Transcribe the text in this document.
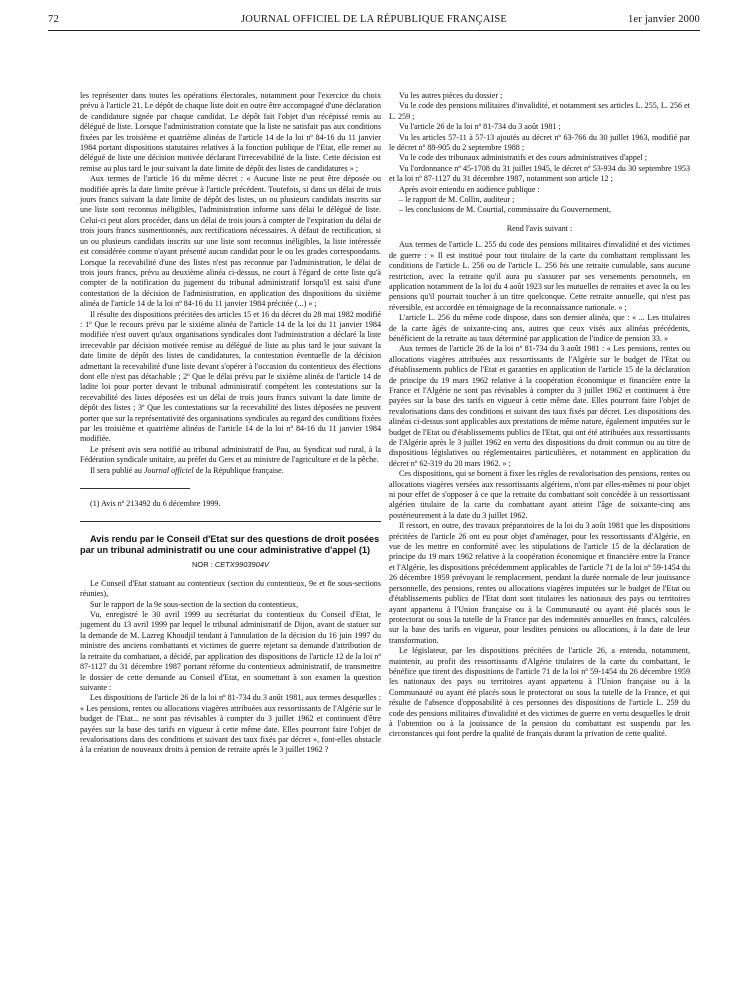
72	JOURNAL OFFICIEL DE LA RÉPUBLIQUE FRANÇAISE	1er janvier 2000

les représenter dans toutes les opérations électorales, notamment pour l'exercice du choix prévu à l'article 21. Le dépôt de chaque liste doit en outre être accompagné d'une déclaration de candidature signée par chaque candidat. Le dépôt fait l'objet d'un récépissé remis au délégué de liste. Lorsque l'administration constate que la liste ne satisfait pas aux conditions fixées par les troisième et quatrième alinéas de l'article 14 de la loi nº 84-16 du 11 janvier 1984 portant dispositions statutaires relatives à la fonction publique de l'Etat, elle remet au délégué de liste une décision motivée déclarant l'irrecevabilité de la liste. Cette décision est remise au plus tard le jour suivant la date limite de dépôt des listes de candidatures » ;

Aux termes de l'article 16 du même décret : « Aucune liste ne peut être déposée ou modifiée après la date limite prévue à l'article précédent. Toutefois, si dans un délai de trois jours francs suivant la date limite de dépôt des listes, un ou plusieurs candidats inscrits sur une liste sont reconnus inéligibles, l'administration informe sans délai le délégué de liste. Celui-ci peut alors procéder, dans un délai de trois jours à compter de l'expiration du délai de trois jours francs susmentionnés, aux rectifications nécessaires. A défaut de rectification, si un ou plusieurs candidats inscrits sur une liste sont reconnus inéligibles, la liste intéressée est considérée comme n'ayant présenté aucun candidat pour le ou les grades correspondants. Lorsque la recevabilité d'une des listes n'est pas reconnue par l'administration, le délai de trois jours francs, prévu au deuxième alinéa ci-dessus, ne court à l'égard de cette liste qu'à compter de la notification du jugement du tribunal administratif lorsqu'il est saisi d'une contestation de la décision de l'administration, en application des dispositions du sixième alinéa de l'article 14 de la loi nº 84-16 du 11 janvier 1984 précitée (...) » ;

Il résulte des dispositions précitées des articles 15 et 16 du décret du 28 mai 1982 modifié : 1º Que le recours prévu par le sixième alinéa de l'article 14 de la loi du 11 janvier 1984 modifiée n'est ouvert qu'aux organisations syndicales dont l'administration a déclaré la liste irrecevable par décision motivée remise au délégué de liste au plus tard le jour suivant la date limite de dépôt des listes de candidatures, la contestation éventuelle de la décision admettant la recevabilité d'une liste devant s'opérer à l'occasion du contentieux des élections dont elle n'est pas détachable ; 2º Que le délai prévu par le sixième alinéa de l'article 14 de ladite loi pour porter devant le tribunal administratif compétent les contestations sur la recevabilité des listes déposées est un délai de trois jours francs suivant la date limite de dépôt des listes ; 3º Que les contestations sur la recevabilité des listes déposées ne peuvent porter que sur la représentativité des organisations syndicales au regard des conditions fixées par les troisième et quatrième alinéas de l'article 14 de la loi nº 84-16 du 11 janvier 1984 modifiée.

Le présent avis sera notifié au tribunal administratif de Pau, au Syndicat sud rural, à la Fédération syndicale unitaire, au préfet du Gers et au ministre de l'agriculture et de la pêche.

Il sera publié au Journal officiel de la République française.

(1) Avis nº 213492 du 6 décembre 1999.

Avis rendu par le Conseil d'Etat sur des questions de droit posées par un tribunal administratif ou une cour administrative d'appel (1)

NOR : CETX9903904V

Le Conseil d'Etat statuant au contentieux (section du contentieux, 9e et 8e sous-sections réunies),

Sur le rapport de la 9e sous-section de la section du contentieux,

Vu, enregistré le 30 avril 1999 au secrétariat du contentieux du Conseil d'Etat, le jugement du 13 avril 1999 par lequel le tribunal administratif de Dijon, avant de statuer sur la demande de M. Lazreg Khoudjil tendant à l'annulation de la décision du 16 juin 1997 du ministre des anciens combattants et victimes de guerre rejetant sa demande d'attribution de la retraite du combattant, a décidé, par application des dispositions de l'article 12 de la loi nº 87-1127 du 31 décembre 1987 portant réforme du contentieux administratif, de transmettre le dossier de cette demande au Conseil d'Etat, en soumettant à son examen la question suivante :

Les dispositions de l'article 26 de la loi nº 81-734 du 3 août 1981, aux termes desquelles : « Les pensions, rentes ou allocations viagères attribuées aux ressortissants de l'Algérie sur le budget de l'Etat... ne sont pas révisables à compter du 3 juillet 1962 et continuent d'être payées sur la base des tarifs en vigueur à cette même date. Elles pourront faire l'objet de revalorisations dans des conditions et suivant des taux fixés par décret », font-elles obstacle à la création de nouveaux droits à pension de retraite après le 3 juillet 1962 ?

Vu les autres pièces du dossier ;

Vu le code des pensions militaires d'invalidité, et notamment ses articles L. 255, L. 256 et L. 259 ;

Vu l'article 26 de la loi nº 81-734 du 3 août 1981 ;

Vu les articles 57-11 à 57-13 ajoutés au décret nº 63-766 du 30 juillet 1963, modifié par le décret nº 88-905 du 2 septembre 1988 ;

Vu le code des tribunaux administratifs et des cours administratives d'appel ;

Vu l'ordonnance nº 45-1708 du 31 juillet 1945, le décret nº 53-934 du 30 septembre 1953 et la loi nº 87-1127 du 31 décembre 1987, notamment son article 12 ;

Après avoir entendu en audience publique :

– le rapport de M. Collin, auditeur ;

– les conclusions de M. Courtial, commissaire du Gouvernement,

Rend l'avis suivant :

Aux termes de l'article L. 255 du code des pensions militaires d'invalidité et des victimes de guerre : « Il est institué pour tout titulaire de la carte du combattant remplissant les conditions de l'article L. 256 ou de l'article L. 256 bis une retraite cumulable, sans aucune restriction, avec la retraite qu'il aura pu s'assurer par ses versements personnels, en application notamment de la loi du 4 août 1923 sur les mutuelles de retraites et avec la ou les pensions qu'il pourrait toucher à un titre quelconque. Cette retraite annuelle, qui n'est pas réversible, est accordée en témoignage de la reconnaissance nationale. » ;

L'article L. 256 du même code dispose, dans son dernier alinéa, que : « ... Les titulaires de la carte âgés de soixante-cinq ans, autres que ceux visés aux alinéas précédents, bénéficient de la retraite au taux déterminé par application de l'indice de pension 33. »

Aux termes de l'article 26 de la loi nº 81-734 du 3 août 1981 : « Les pensions, rentes ou allocations viagères attribuées aux ressortissants de l'Algérie sur le budget de l'Etat ou d'établissements publics de l'Etat et garanties en application de l'article 15 de la déclaration de principe du 19 mars 1962 relative à la coopération économique et financière entre la France et l'Algérie ne sont pas révisables à compter du 3 juillet 1962 et continuent à être payées sur la base des tarifs en vigueur à cette même date. Elles pourront faire l'objet de revalorisations dans des conditions et suivant des taux fixés par décret. Les dispositions des alinéas ci-dessus sont applicables aux prestations de même nature, également imputées sur le budget de l'Etat ou d'établissements publics de l'Etat, qui ont été attribuées aux ressortissants de l'Algérie après le 3 juillet 1962 en vertu des dispositions du droit commun ou au titre de dispositions législatives ou réglementaires particulières, et notamment en application du décret nº 62-319 du 20 mars 1962. » ;

Ces dispositions, qui se bornent à fixer les règles de revalorisation des pensions, rentes ou allocations viagères versées aux ressortissants algériens, n'ont par elles-mêmes ni pour objet ni pour effet de s'opposer à ce que la retraite du combattant soit concédée à un ressortissant algérien titulaire de la carte du combattant ayant atteint l'âge de soixante-cinq ans postérieurement à la date du 3 juillet 1962.

Il ressort, en outre, des travaux préparatoires de la loi du 3 août 1981 que les dispositions précitées de l'article 26 ont eu pour objet d'aménager, pour les ressortissants d'Algérie, en vue de les mettre en conformité avec les stipulations de l'article 15 de la déclaration de principe du 19 mars 1962 relative à la coopération économique et financière entre la France et l'Algérie, les dispositions précédemment applicables de l'article 71 de la loi nº 59-1454 du 26 décembre 1959 prévoyant le remplacement, pendant la durée normale de leur jouissance personnelle, des pensions, rentes ou allocations viagères imputées sur le budget de l'Etat ou d'établissements publics de l'Etat dont sont titulaires les nationaux des pays ou territoires ayant appartenu à l'Union française ou à la Communauté ou ayant été placés sous le protectorat ou sous la tutelle de la France par des indemnités annuelles en francs, calculées sur la base des tarifs en vigueur, pour lesdites pensions ou allocations, à la date de leur transformation.

Le législateur, par les dispositions précitées de l'article 26, a entendu, notamment, maintenir, au profit des ressortissants d'Algérie titulaires de la carte du combattant, le bénéfice que tirent des dispositions de l'article 71 de la loi nº 59-1454 du 26 décembre 1959 les nationaux des pays ou territoires ayant appartenu à l'Union française ou à la Communauté ou ayant été placés sous le protectorat ou sous la tutelle de la France, et qui résulte de l'absence d'opposabilité à ces personnes des dispositions de l'article L. 259 du code des pensions militaires d'invalidité et des victimes de guerre en vertu desquelles le droit à l'obtention ou à la jouissance de la pension du combattant est suspendu par les circonstances qui font perdre la qualité de français durant la privation de cette qualité.
